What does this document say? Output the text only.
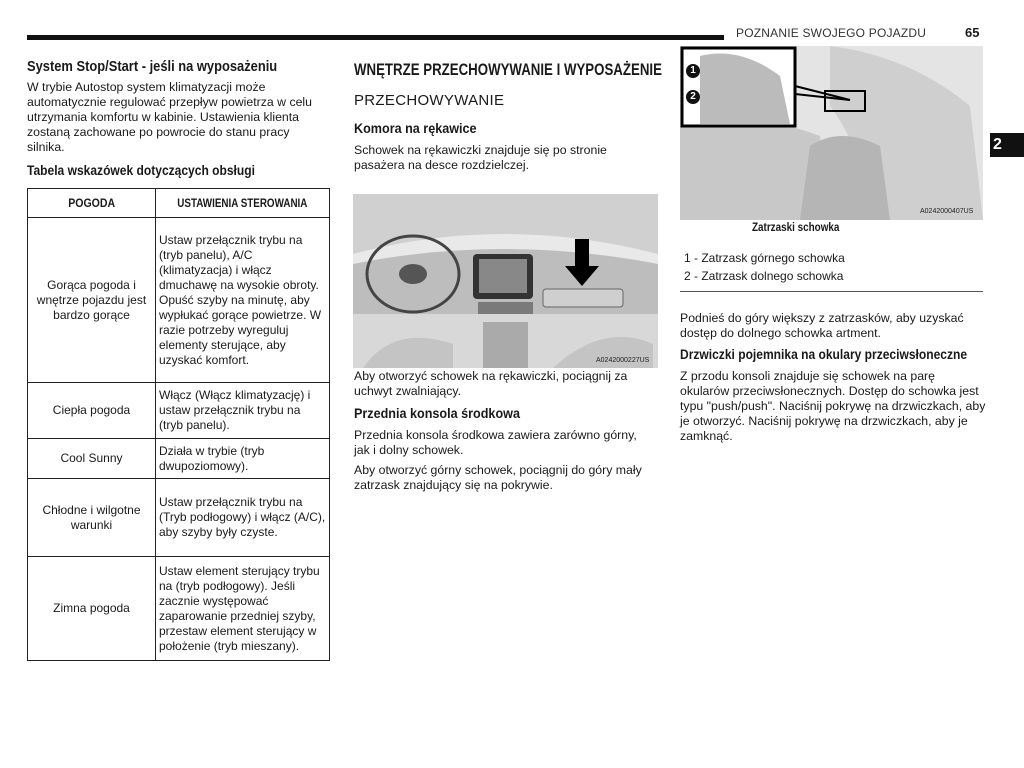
POZNANIE SWOJEGO POJAZDU	65
2
System Stop/Start - jeśli na wyposażeniu

W trybie Autostop system klimatyzacji może automatycznie regulować przepływ powietrza w celu utrzymania komfortu w kabinie. Ustawienia klienta zostaną zachowane po powrocie do stanu pracy silnika.

Tabela wskazówek dotyczących obsługi
POGODA	USTAWIENIA STEROWANIA
Gorąca pogoda i wnętrze pojazdu jest bardzo gorące	Ustaw przełącznik trybu na (tryb panelu), A/C (klimatyzacja) i włącz dmuchawę na wysokie obroty. Opuść szyby na minutę, aby wypłukać gorące powietrze. W razie potrzeby wyreguluj elementy sterujące, aby uzyskać komfort.
Ciepła pogoda	Włącz (Włącz klimatyzację) i ustaw przełącznik trybu na (tryb panelu).
Cool Sunny	Działa w trybie (tryb dwupoziomowy).
Chłodne i wilgotne warunki	Ustaw przełącznik trybu na (Tryb podłogowy) i włącz (A/C), aby szyby były czyste.
Zimna pogoda	Ustaw element sterujący trybu na (tryb podłogowy). Jeśli zacznie występować zaparowanie przedniej szyby, przestaw element sterujący w położenie (tryb mieszany).
WNĘTRZE PRZECHOWYWANIE I WYPOSAŻENIE
PRZECHOWYWANIE
Komora na rękawice

Schowek na rękawiczki znajduje się po stronie pasażera na desce rozdzielczej.

A0242000227US

Aby otworzyć schowek na rękawiczki, pociągnij za uchwyt zwalniający.

Przednia konsola środkowa

Przednia konsola środkowa zawiera zarówno górny, jak i dolny schowek.

Aby otworzyć górny schowek, pociągnij do góry mały zatrzask znajdujący się na pokrywie.

1
2
A0242000407US
Zatrzaski schowka
1 - Zatrzask górnego schowka
2 - Zatrzask dolnego schowka

Podnieś do góry większy z zatrzasków, aby uzyskać dostęp do dolnego schowka artment.

Drzwiczki pojemnika na okulary przeciwsłoneczne

Z przodu konsoli znajduje się schowek na parę okularów przeciwsłonecznych. Dostęp do schowka jest typu "push/push". Naciśnij pokrywę na drzwiczkach, aby je otworzyć. Naciśnij pokrywę na drzwiczkach, aby je zamknąć.
